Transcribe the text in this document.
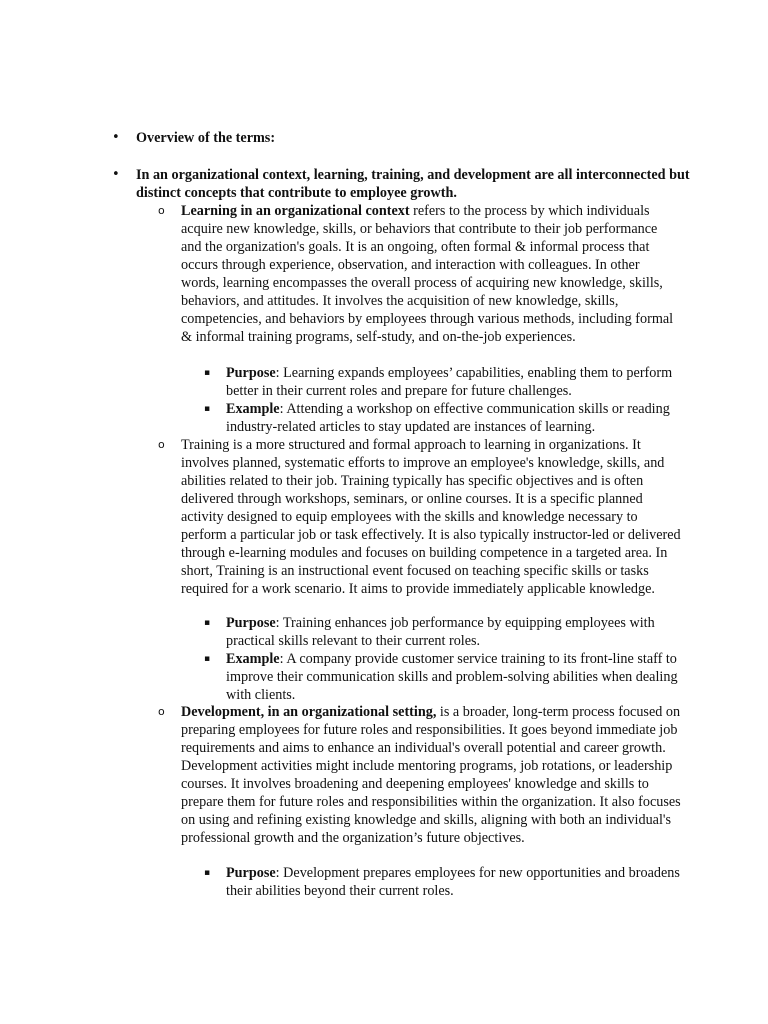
• Overview of the terms:

• In an organizational context, learning, training, and development are all interconnected but distinct concepts that contribute to employee growth.

o Learning in an organizational context refers to the process by which individuals acquire new knowledge, skills, or behaviors that contribute to their job performance and the organization's goals. It is an ongoing, often formal & informal process that occurs through experience, observation, and interaction with colleagues. In other words, learning encompasses the overall process of acquiring new knowledge, skills, behaviors, and attitudes. It involves the acquisition of new knowledge, skills, competencies, and behaviors by employees through various methods, including formal & informal training programs, self-study, and on-the-job experiences.

▪ Purpose: Learning expands employees’ capabilities, enabling them to perform better in their current roles and prepare for future challenges.

▪ Example: Attending a workshop on effective communication skills or reading industry-related articles to stay updated are instances of learning.

o Training is a more structured and formal approach to learning in organizations. It involves planned, systematic efforts to improve an employee's knowledge, skills, and abilities related to their job. Training typically has specific objectives and is often delivered through workshops, seminars, or online courses. It is a specific planned activity designed to equip employees with the skills and knowledge necessary to perform a particular job or task effectively. It is also typically instructor-led or delivered through e-learning modules and focuses on building competence in a targeted area. In short, Training is an instructional event focused on teaching specific skills or tasks required for a work scenario. It aims to provide immediately applicable knowledge.

▪ Purpose: Training enhances job performance by equipping employees with practical skills relevant to their current roles.

▪ Example: A company provide customer service training to its front-line staff to improve their communication skills and problem-solving abilities when dealing with clients.

o Development, in an organizational setting, is a broader, long-term process focused on preparing employees for future roles and responsibilities. It goes beyond immediate job requirements and aims to enhance an individual's overall potential and career growth. Development activities might include mentoring programs, job rotations, or leadership courses. It involves broadening and deepening employees' knowledge and skills to prepare them for future roles and responsibilities within the organization. It also focuses on using and refining existing knowledge and skills, aligning with both an individual's professional growth and the organization’s future objectives.

▪ Purpose: Development prepares employees for new opportunities and broadens their abilities beyond their current roles.
